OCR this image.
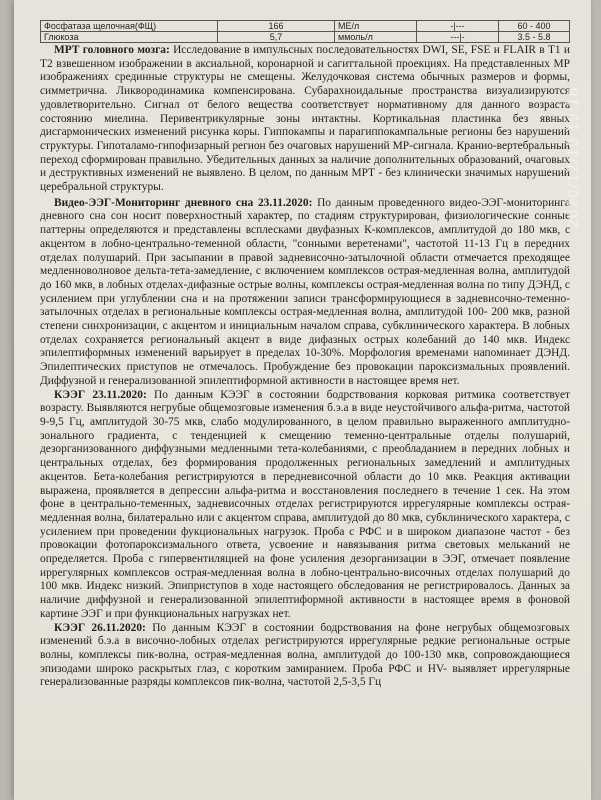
Фосфатаза щелочная(ФЩ)	166	МЕ/л	-|---	60 - 400
Глюкоза	5,7	ммоль/л	---|-	3.5 - 5.8

МРТ головного мозга: Исследование в импульсных последовательностях DWI, SE, FSE и FLAIR в T1 и T2 взвешенном изображении в аксиальной, коронарной и сагиттальной проекциях. На представленных МР изображениях срединные структуры не смещены. Желудочковая система обычных размеров и формы, симметрична. Ликвородинамика компенсирована. Субарахноидальные пространства визуализируются удовлетворительно. Сигнал от белого вещества соответствует нормативному для данного возраста состоянию миелина. Перивентрикулярные зоны интактны. Кортикальная пластинка без явных дисгармонических изменений рисунка коры. Гиппокампы и парагиппокампальные регионы без нарушений структуры. Гипоталамо-гипофизарный регион без очаговых нарушений МР-сигнала. Кранио-вертебральный переход сформирован правильно. Убедительных данных за наличие дополнительных образований, очаговых и деструктивных изменений не выявлено. В целом, по данным МРТ - без клинически значимых нарушений церебральной структуры.

Видео-ЭЭГ-Мониторинг дневного сна 23.11.2020: По данным проведенного видео-ЭЭГ-мониторинга дневного сна сон носит поверхностный характер, по стадиям структурирован, физиологические сонные паттерны определяются и представлены всплесками двуфазных К-комплексов, амплитудой до 180 мкв, с акцентом в лобно-центрально-теменной области, "сонными веретенами", частотой 11-13 Гц в передних отделах полушарий. При засыпании в правой задневисочно-затылочной области отмечается преходящее медленноволновое дельта-тета-замедление, с включением комплексов острая-медленная волна, амплитудой до 160 мкв, в лобных отделах-дифазные острые волны, комплексы острая-медленная волна по типу ДЭНД, с усилением при углублении сна и на протяжении записи трансформирующиеся в задневисочно-теменно-затылочных отделах в региональные комплексы острая-медленная волна, амплитудой 100- 200 мкв, разной степени синхронизации, с акцентом и инициальным началом справа, субклинического характера. В лобных отделах сохраняется региональный акцент в виде дифазных острых колебаний до 140 мкв. Индекс эпилептиформных изменений варьирует в пределах 10-30%. Морфология временами напоминает ДЭНД. Эпилептических приступов не отмечалось. Пробуждение без провокации пароксизмальных проявлений. Диффузной и генерализованной эпилептиформной активности в настоящее время нет.

КЭЭГ 23.11.2020: По данным КЭЭГ в состоянии бодрствования корковая ритмика соответствует возрасту. Выявляются негрубые общемозговые изменения б.э.а в виде неустойчивого альфа-ритма, частотой 9-9,5 Гц, амплитудой 30-75 мкв, слабо модулированного, в целом правильно выраженного амплитудно-зонального градиента, с тенденцией к смещению теменно-центральные отделы полушарий, дезорганизованного диффузными медленными тета-колебаниями, с преобладанием в передних лобных и центральных отделах, без формирования продолженных региональных замедлений и амплитудных акцентов. Бета-колебания регистрируются в передневисочной области до 10 мкв. Реакция активации выражена, проявляется в депрессии альфа-ритма и восстановления последнего в течение 1 сек. На этом фоне в центрально-теменных, задневисочных отделах регистрируются иррегулярные комплексы острая-медленная волна, билатерально или с акцентом справа, амплитудой до 80 мкв, субклинического характера, с усилением при проведении фукциональных нагрузок. Проба с РФС и в широком диапазоне частот - без провокации фотопароксизмального ответа, усвоение и навязывания ритма световых мельканий не определяется. Проба с гипервентиляцией на фоне усиления дезорганизации в ЭЭГ, отмечает появление иррегулярных комплексов острая-медленная волна в лобно-центрально-височных отделах полушарий до 100 мкв. Индекс низкий. Эпиприступов в ходе настоящего обследования не регистрировалось. Данных за наличие диффузной и генерализованной эпилептиформной активности в настоящее время в фоновой картине ЭЭГ и при функциональных нагрузках нет.

КЭЭГ 26.11.2020: По данным КЭЭГ в состоянии бодрствования на фоне негрубых общемозговых изменений б.э.а в височно-лобных отделах регистрируются иррегулярные редкие региональные острые волны, комплексы пик-волна, острая-медленная волна, амплитудой до 100-130 мкв, сопровождающиеся эпизодами широко раскрытых глаз, с коротким замиранием. Проба РФС и HV- выявляет иррегулярные генерализованные разряды комплексов пик-волна, частотой 2,5-3,5 Гц

2020/12/10 19:16
